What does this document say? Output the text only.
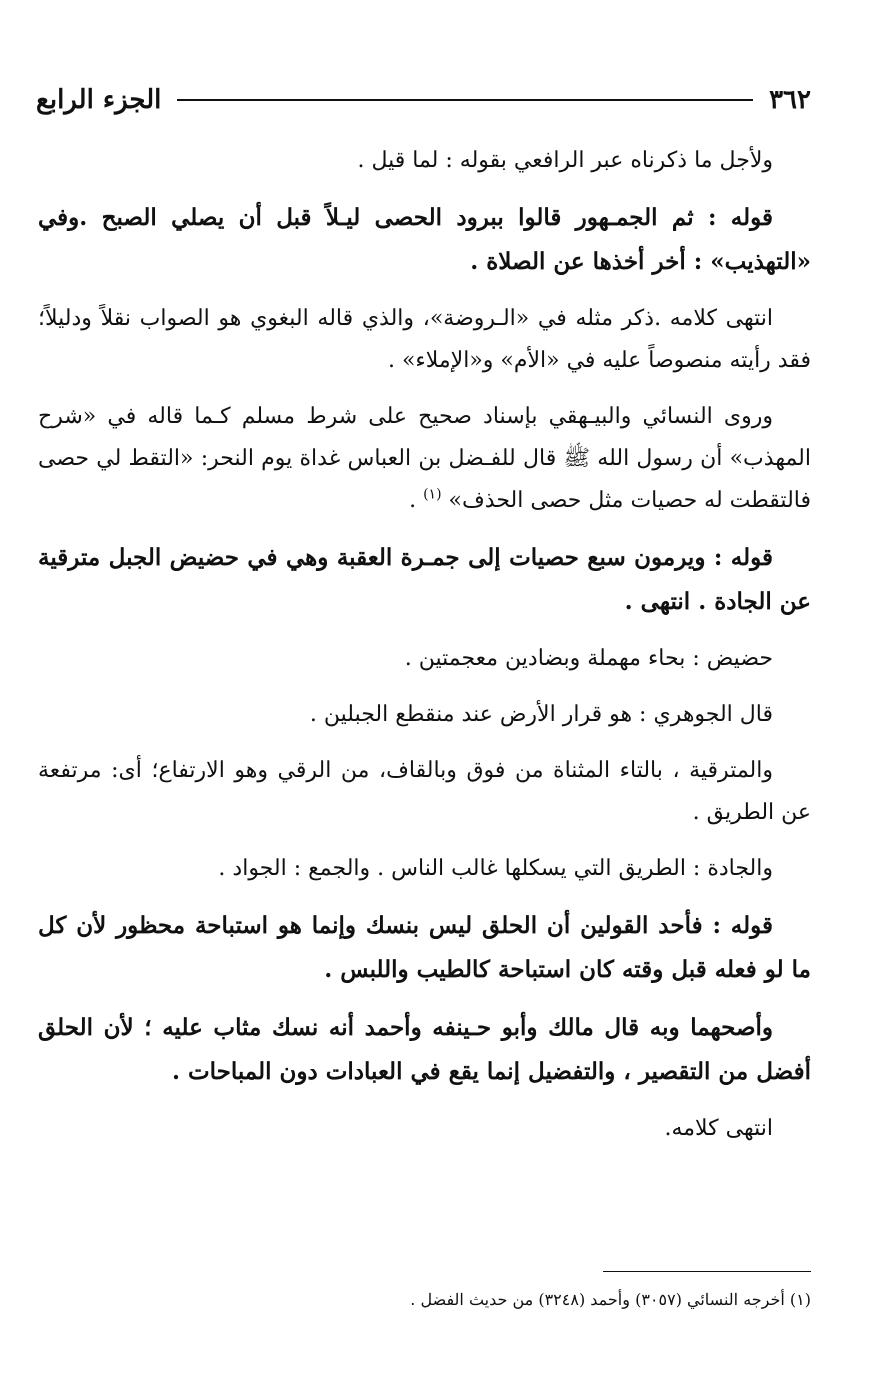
٣٦٢
الجزء الرابع

ولأجل ما ذكرناه عبر الرافعي بقوله : لما قيل .

قوله : ثم الجمـهور قالوا ببرود الحصى ليـلاً قبل أن يصلي الصبح .وفي «التهذيب» : أخر أخذها عن الصلاة .

انتهى كلامه .ذكر مثله في «الـروضة»، والذي قاله البغوي هو الصواب نقلاً ودليلاً؛ فقد رأيته منصوصاً عليه في «الأم» و«الإملاء» .

وروى النسائي والبيـهقي بإسناد صحيح على شرط مسلم كـما قاله في «شرح المهذب» أن رسول الله ﷺ قال للفـضل بن العباس غداة يوم النحر: «التقط لي حصى فالتقطت له حصيات مثل حصى الحذف» $^{(١)}$ .

قوله : ويرمون سبع حصيات إلى جمـرة العقبة وهي في حضيض الجبل مترقية عن الجادة . انتهى .

حضيض : بحاء مهملة وبضادين معجمتين .

قال الجوهري : هو قرار الأرض عند منقطع الجبلين .

والمترقية ، بالتاء المثناة من فوق وبالقاف، من الرقي وهو الارتفاع؛ أى: مرتفعة عن الطريق .

والجادة : الطريق التي يسكلها غالب الناس . والجمع : الجواد .

قوله : فأحد القولين أن الحلق ليس بنسك وإنما هو استباحة محظور لأن كل ما لو فعله قبل وقته كان استباحة كالطيب واللبس .

وأصحهما وبه قال مالك وأبو حـينفه وأحمد أنه نسك مثاب عليه ؛ لأن الحلق أفضل من التقصير ، والتفضيل إنما يقع في العبادات دون المباحات .

انتهى كلامه.

(١) أخرجه النسائي (٣٠٥٧) وأحمد (٣٢٤٨) من حديث الفضل .
